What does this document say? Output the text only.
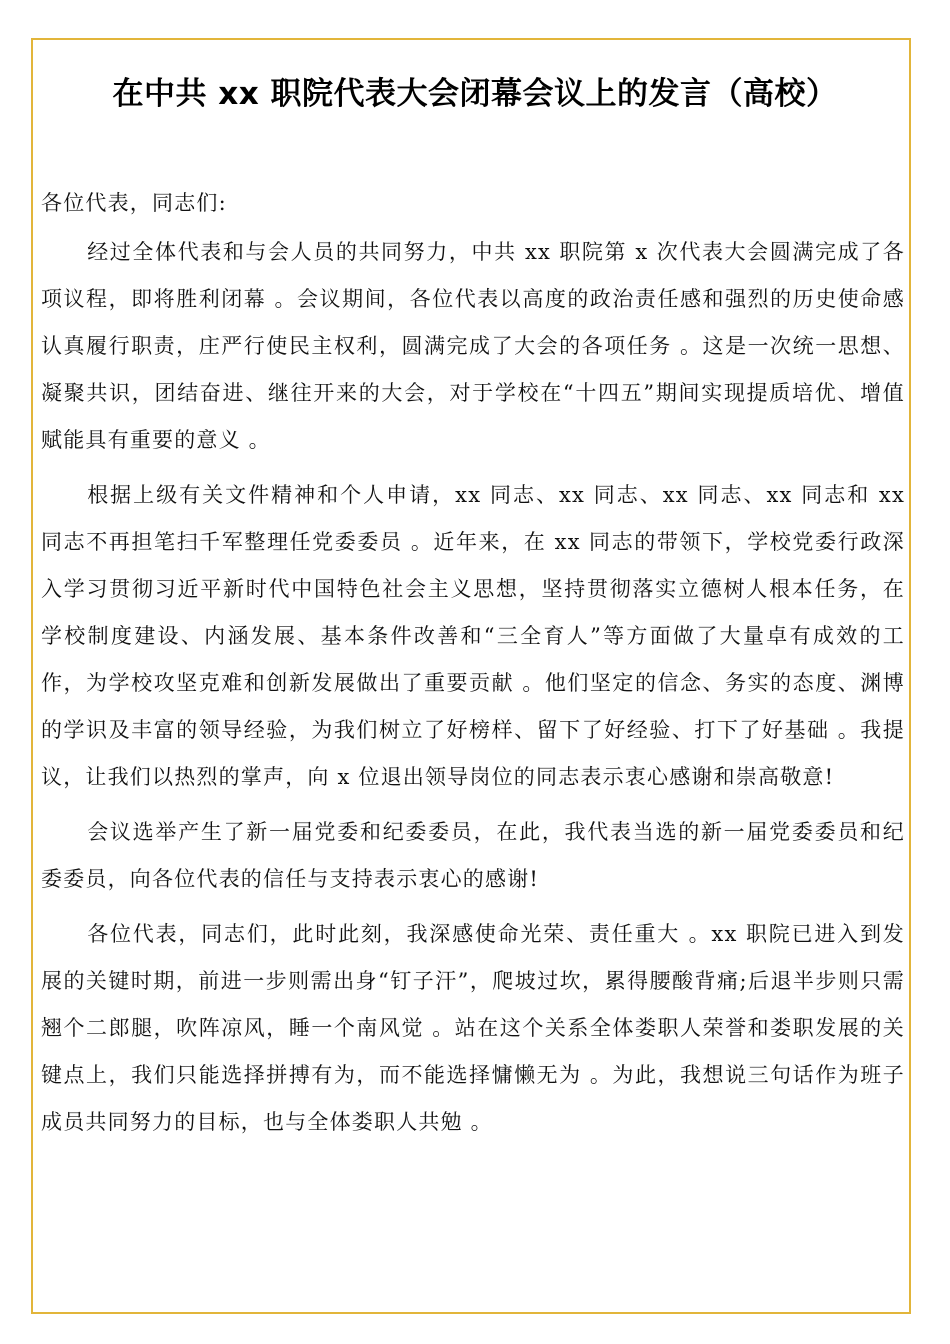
在中共 xx 职院代表大会闭幕会议上的发言（高校）

各位代表，同志们:

经过全体代表和与会人员的共同努力，中共 xx 职院第 x 次代表大会圆满完成了各项议程，即将胜利闭幕 。会议期间，各位代表以高度的政治责任感和强烈的历史使命感认真履行职责，庄严行使民主权利，圆满完成了大会的各项任务 。这是一次统一思想、凝聚共识，团结奋进、继往开来的大会，对于学校在“十四五”期间实现提质培优、增值赋能具有重要的意义 。

根据上级有关文件精神和个人申请，xx 同志、xx 同志、xx 同志、xx 同志和 xx 同志不再担笔扫千军整理任党委委员 。近年来，在 xx 同志的带领下，学校党委行政深入学习贯彻习近平新时代中国特色社会主义思想，坚持贯彻落实立德树人根本任务，在学校制度建设、内涵发展、基本条件改善和“三全育人”等方面做了大量卓有成效的工作，为学校攻坚克难和创新发展做出了重要贡献 。他们坚定的信念、务实的态度、渊博的学识及丰富的领导经验，为我们树立了好榜样、留下了好经验、打下了好基础 。我提议，让我们以热烈的掌声，向 x 位退出领导岗位的同志表示衷心感谢和崇高敬意!

会议选举产生了新一届党委和纪委委员，在此，我代表当选的新一届党委委员和纪委委员，向各位代表的信任与支持表示衷心的感谢!

各位代表，同志们，此时此刻，我深感使命光荣、责任重大 。xx 职院已进入到发展的关键时期，前进一步则需出身“钉子汗”，爬坡过坎，累得腰酸背痛;后退半步则只需翘个二郎腿，吹阵凉风，睡一个南风觉 。站在这个关系全体娄职人荣誉和娄职发展的关键点上，我们只能选择拼搏有为，而不能选择慵懒无为 。为此，我想说三句话作为班子成员共同努力的目标，也与全体娄职人共勉 。
